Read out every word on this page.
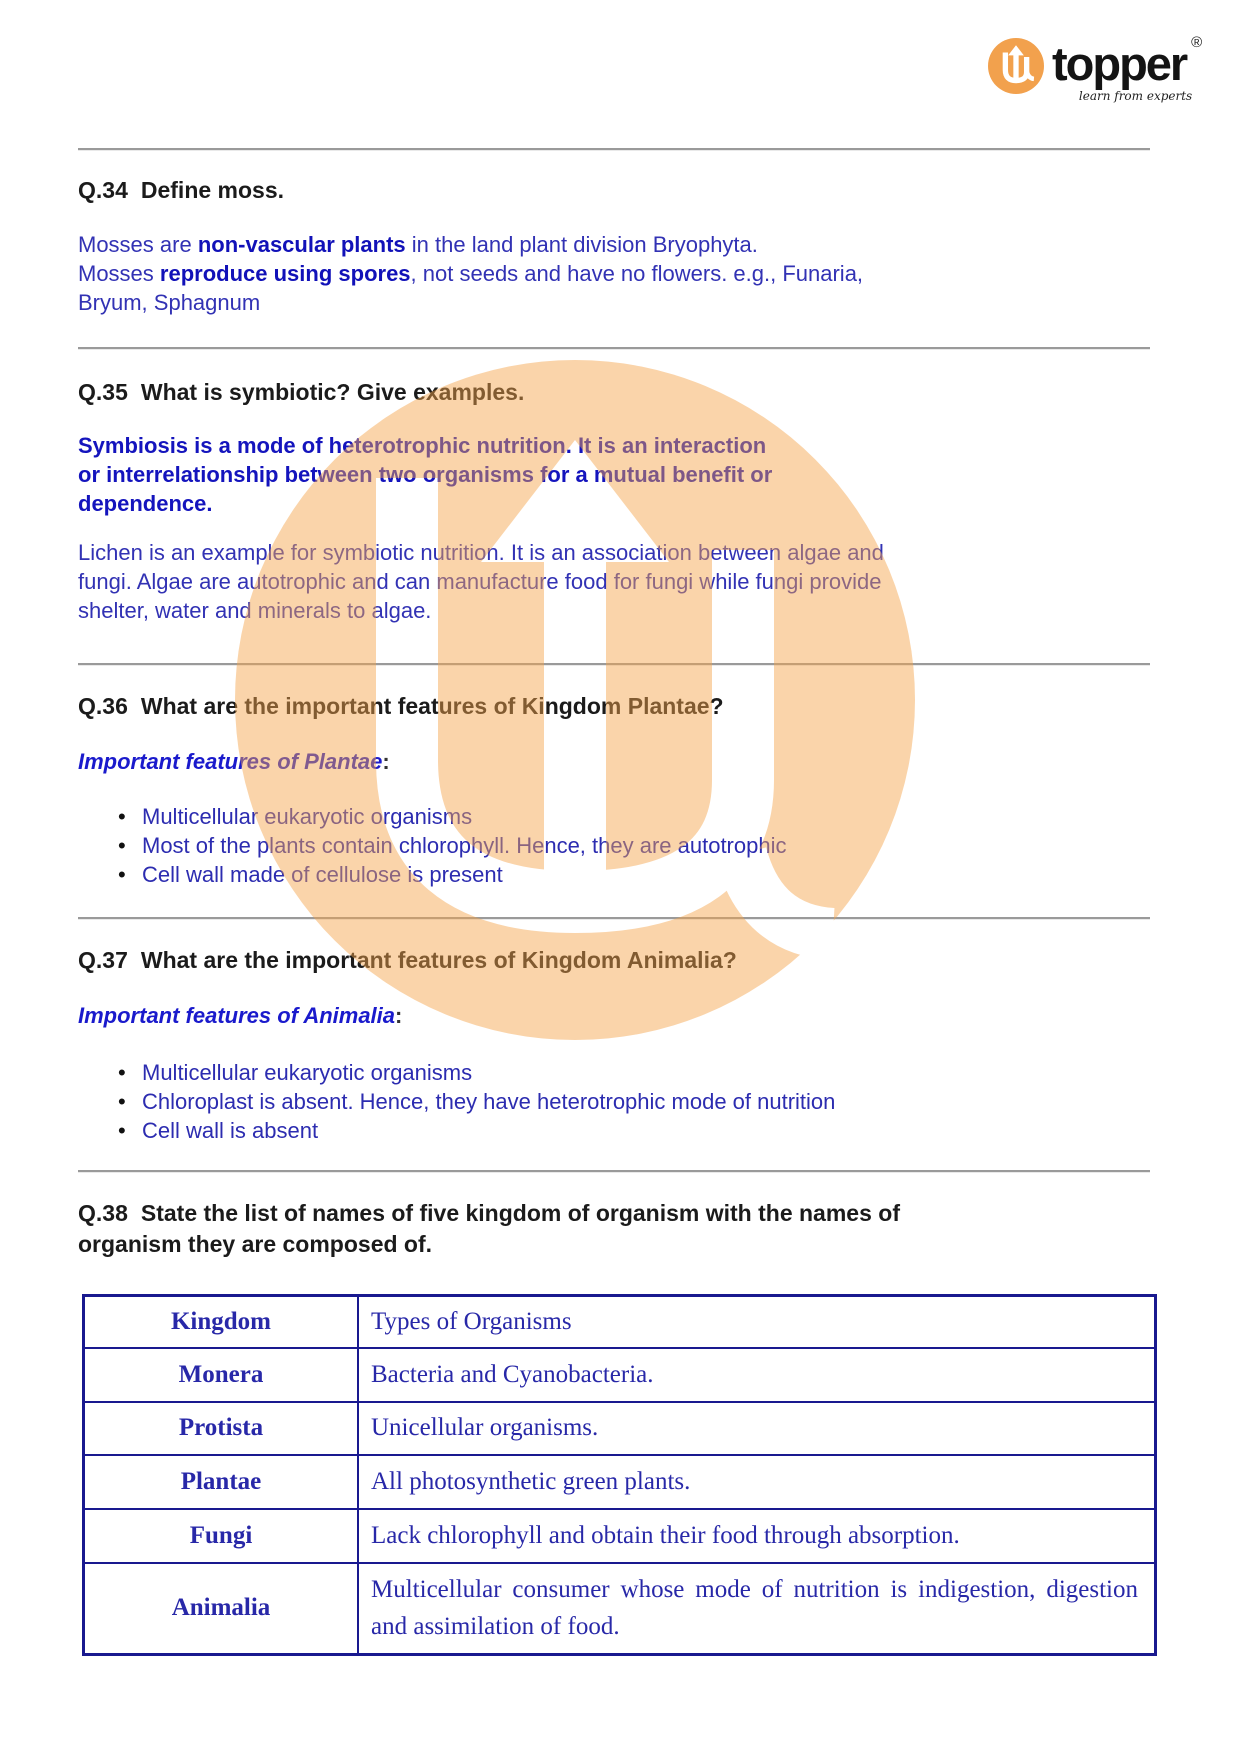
topper ®
learn from experts
Q.34 Define moss.
Mosses are non-vascular plants in the land plant division Bryophyta.
Mosses reproduce using spores, not seeds and have no flowers. e.g., Funaria,
Bryum, Sphagnum
Q.35 What is symbiotic? Give examples.
Symbiosis is a mode of heterotrophic nutrition. It is an interaction
or interrelationship between two organisms for a mutual benefit or
dependence.
Lichen is an example for symbiotic nutrition. It is an association between algae and
fungi. Algae are autotrophic and can manufacture food for fungi while fungi provide
shelter, water and minerals to algae.
Q.36 What are the important features of Kingdom Plantae?
Important features of Plantae:
• Multicellular eukaryotic organisms
• Most of the plants contain chlorophyll. Hence, they are autotrophic
• Cell wall made of cellulose is present
Q.37 What are the important features of Kingdom Animalia?
Important features of Animalia:
• Multicellular eukaryotic organisms
• Chloroplast is absent. Hence, they have heterotrophic mode of nutrition
• Cell wall is absent
Q.38 State the list of names of five kingdom of organism with the names of
organism they are composed of.
Kingdom	Types of Organisms
Monera	Bacteria and Cyanobacteria.
Protista	Unicellular organisms.
Plantae	All photosynthetic green plants.
Fungi	Lack chlorophyll and obtain their food through absorption.
Animalia	Multicellular consumer whose mode of nutrition is indigestion, digestion and assimilation of food.
